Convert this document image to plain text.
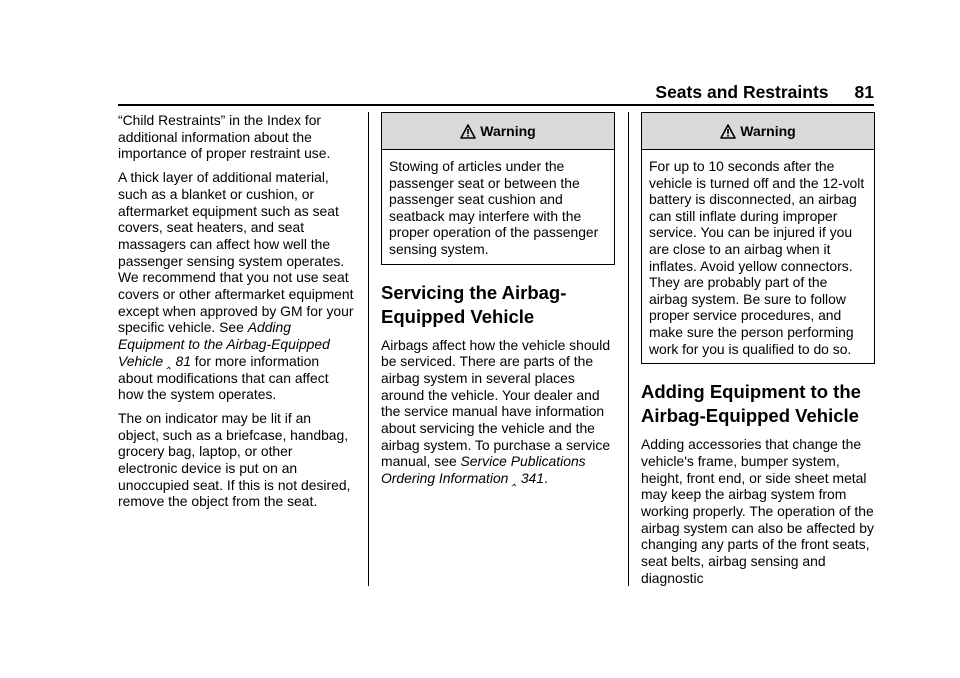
Seats and Restraints 81

“Child Restraints” in the Index for additional information about the importance of proper restraint use.

A thick layer of additional material, such as a blanket or cushion, or aftermarket equipment such as seat covers, seat heaters, and seat massagers can affect how well the passenger sensing system operates. We recommend that you not use seat covers or other aftermarket equipment except when approved by GM for your specific vehicle. See Adding Equipment to the Airbag-Equipped Vehicle ‸ 81 for more information about modifications that can affect how the system operates.

The on indicator may be lit if an object, such as a briefcase, handbag, grocery bag, laptop, or other electronic device is put on an unoccupied seat. If this is not desired, remove the object from the seat.

Warning

Stowing of articles under the passenger seat or between the passenger seat cushion and seatback may interfere with the proper operation of the passenger sensing system.

Servicing the Airbag-Equipped Vehicle

Airbags affect how the vehicle should be serviced. There are parts of the airbag system in several places around the vehicle. Your dealer and the service manual have information about servicing the vehicle and the airbag system. To purchase a service manual, see Service Publications Ordering Information ‸ 341.

Warning

For up to 10 seconds after the vehicle is turned off and the 12-volt battery is disconnected, an airbag can still inflate during improper service. You can be injured if you are close to an airbag when it inflates. Avoid yellow connectors. They are probably part of the airbag system. Be sure to follow proper service procedures, and make sure the person performing work for you is qualified to do so.

Adding Equipment to the Airbag-Equipped Vehicle

Adding accessories that change the vehicle's frame, bumper system, height, front end, or side sheet metal may keep the airbag system from working properly. The operation of the airbag system can also be affected by changing any parts of the front seats, seat belts, airbag sensing and diagnostic
